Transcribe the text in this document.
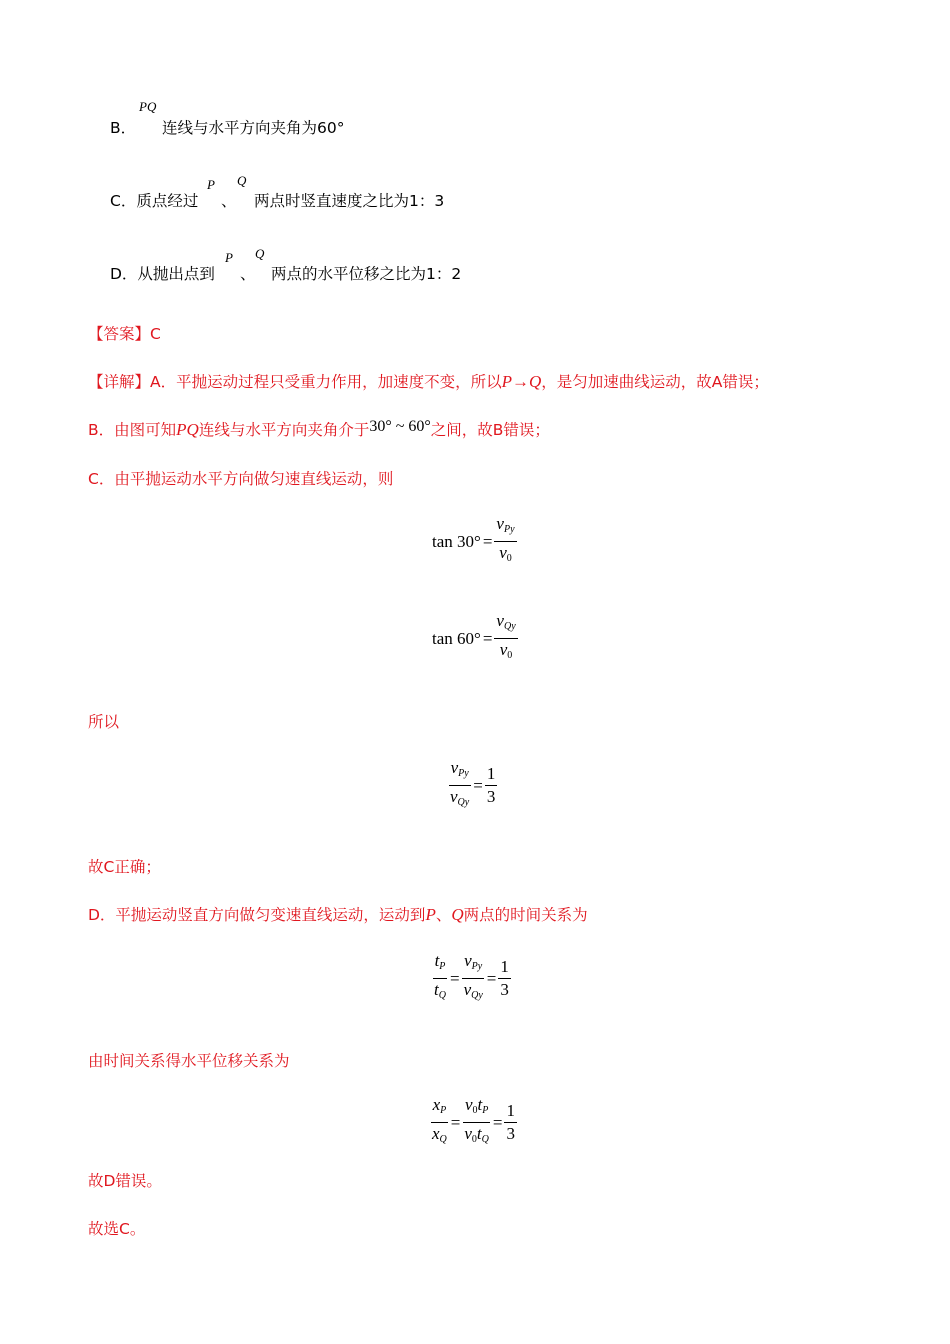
B．
PQ
连线与水平方向夹角为60°
C．质点经过
P
、
Q
两点时竖直速度之比为1：3
D．从抛出点到
P
、
Q
两点的水平位移之比为1：2
【答案】C
【详解】A．平抛运动过程只受重力作用，加速度不变，所以P→Q，是匀加速曲线运动，故A错误；
B．由图可知PQ连线与水平方向夹角介于30° ~ 60°之间，故B错误；
C．由平抛运动水平方向做匀速直线运动，则
$\tan 30^\circ = \frac{v_{Py}}{v_0}$
$\tan 60^\circ = \frac{v_{Qy}}{v_0}$
所以
$\frac{v_{Py}}{v_{Qy}} = \frac{1}{3}$
故C正确；
D．平抛运动竖直方向做匀变速直线运动，运动到P、Q两点的时间关系为
$\frac{t_P}{t_Q} = \frac{v_{Py}}{v_{Qy}} = \frac{1}{3}$
由时间关系得水平位移关系为
$\frac{x_P}{x_Q} = \frac{v_0t_P}{v_0t_Q} = \frac{1}{3}$
故D错误。
故选C。
